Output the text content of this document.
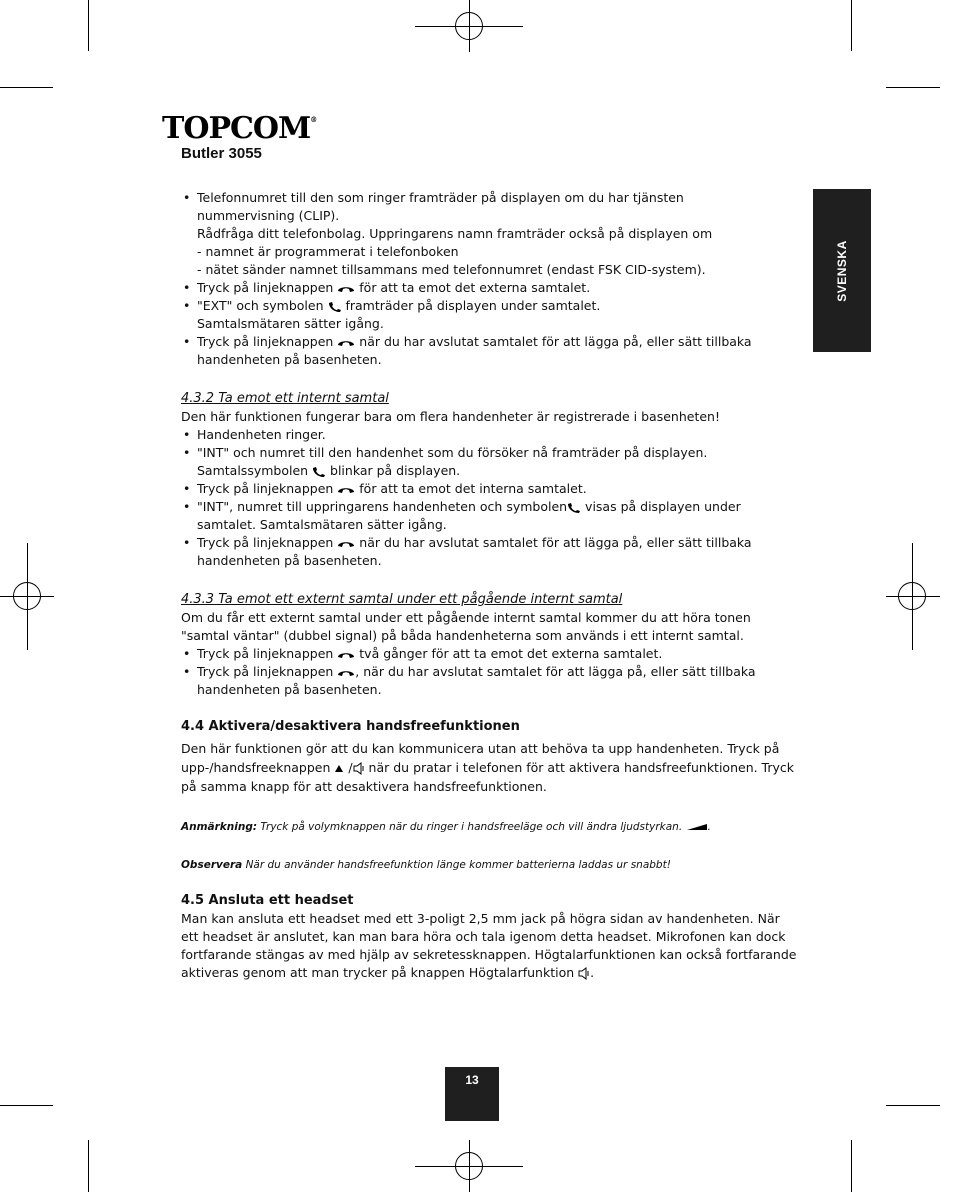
TOPCOM®
Butler 3055
SVENSKA
• Telefonnumret till den som ringer framträder på displayen om du har tjänsten
nummervisning (CLIP).
Rådfråga ditt telefonbolag. Uppringarens namn framträder också på displayen om
- namnet är programmerat i telefonboken
- nätet sänder namnet tillsammans med telefonnumret (endast FSK CID-system).
• Tryck på linjeknappen  för att ta emot det externa samtalet.
• "EXT" och symbolen  framträder på displayen under samtalet.
Samtalsmätaren sätter igång.
• Tryck på linjeknappen  när du har avslutat samtalet för att lägga på, eller sätt tillbaka
handenheten på basenheten.
4.3.2 Ta emot ett internt samtal

Den här funktionen fungerar bara om flera handenheter är registrerade i basenheten!

• Handenheten ringer.
• "INT" och numret till den handenhet som du försöker nå framträder på displayen.
Samtalssymbolen  blinkar på displayen.
• Tryck på linjeknappen  för att ta emot det interna samtalet.
• "INT", numret till uppringarens handenheten och symbolen visas på displayen under
samtalet. Samtalsmätaren sätter igång.
• Tryck på linjeknappen  när du har avslutat samtalet för att lägga på, eller sätt tillbaka
handenheten på basenheten.
4.3.3 Ta emot ett externt samtal under ett pågående internt samtal

Om du får ett externt samtal under ett pågående internt samtal kommer du att höra tonen
"samtal väntar" (dubbel signal) på båda handenheterna som används i ett internt samtal.

• Tryck på linjeknappen  två gånger för att ta emot det externa samtalet.
• Tryck på linjeknappen , när du har avslutat samtalet för att lägga på, eller sätt tillbaka
handenheten på basenheten.
4.4 Aktivera/desaktivera handsfreefunktionen

Den här funktionen gör att du kan kommunicera utan att behöva ta upp handenheten. Tryck på
upp-/handsfreeknappen  / när du pratar i telefonen för att aktivera handsfreefunktionen. Tryck
på samma knapp för att desaktivera handsfreefunktionen.

Anmärkning: Tryck på volymknappen när du ringer i handsfreeläge och vill ändra ljudstyrkan. .

Observera När du använder handsfreefunktion länge kommer batterierna laddas ur snabbt!

4.5 Ansluta ett headset

Man kan ansluta ett headset med ett 3-poligt 2,5 mm jack på högra sidan av handenheten. När
ett headset är anslutet, kan man bara höra och tala igenom detta headset. Mikrofonen kan dock
fortfarande stängas av med hjälp av sekretessknappen. Högtalarfunktionen kan också fortfarande
aktiveras genom att man trycker på knappen Högtalarfunktion .

13
